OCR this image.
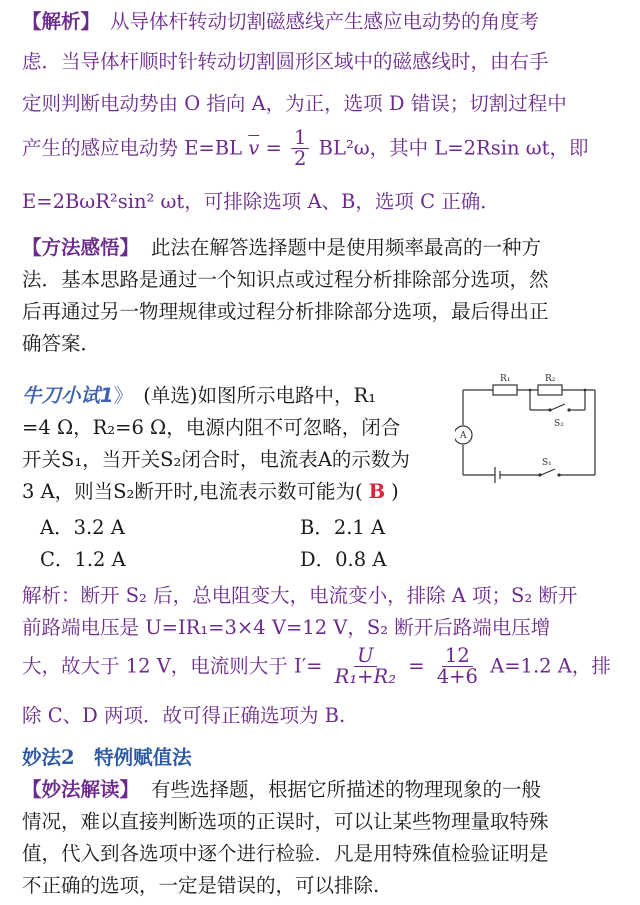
【解析】 从导体杆转动切割磁感线产生感应电动势的角度考
虑．当导体杆顺时针转动切割圆形区域中的磁感线时，由右手
定则判断电动势由 O 指向 A，为正，选项 D 错误；切割过程中
产生的感应电动势 E=BL $\overline{v} = \frac{1}{2} BL^2\omega$，其中 L=2Rsin ωt，即
E=2BωR²sin² ωt，可排除选项 A、B，选项 C 正确．
【方法感悟】 此法在解答选择题中是使用频率最高的一种方
法．基本思路是通过一个知识点或过程分析排除部分选项，然
后再通过另一物理规律或过程分析排除部分选项，最后得出正
确答案．
牛刀小试1》 (单选)如图所示电路中，R₁
=4 Ω，R₂=6 Ω，电源内阻不可忽略，闭合
开关S₁，当开关S₂闭合时，电流表A的示数为
3 A，则当S₂断开时,电流表示数可能为( B )
R₁	R₂
S₂
S₁
A
A．3.2 A	B．2.1 A
C．1.2 A	D．0.8 A
解析：断开 S₂ 后，总电阻变大，电流变小，排除 A 项；S₂ 断开
前路端电压是 U=IR₁=3×4 V=12 V，S₂ 断开后路端电压增
大，故大于 12 V，电流则大于 $I'= \frac{U}{\text{R₁+R₂}} = \frac{12}{4+6} A=1.2$ A，排
除 C、D 两项．故可得正确选项为 B.
妙法2　特例赋值法
【妙法解读】 有些选择题，根据它所描述的物理现象的一般
情况，难以直接判断选项的正误时，可以让某些物理量取特殊
值，代入到各选项中逐个进行检验．凡是用特殊值检验证明是
不正确的选项，一定是错误的，可以排除.
